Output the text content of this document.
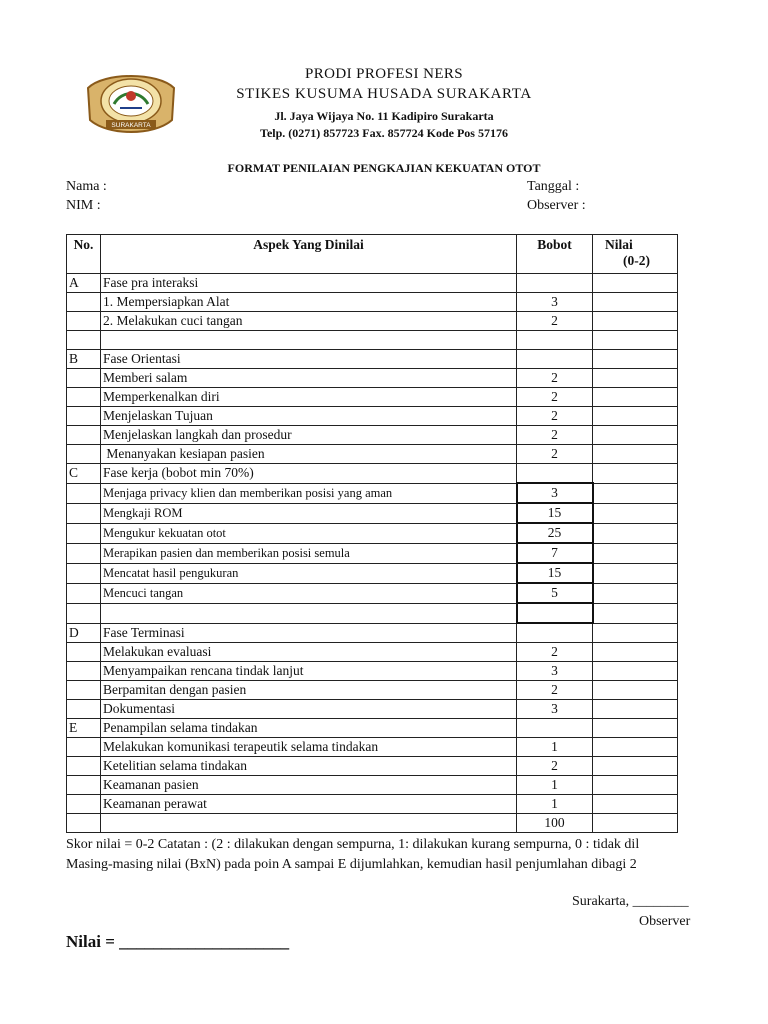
SURAKARTA
PRODI PROFESI NERS
STIKES KUSUMA HUSADA SURAKARTA
Jl. Jaya Wijaya No. 11 Kadipiro Surakarta
Telp. (0271) 857723 Fax. 857724 Kode Pos 57176
FORMAT PENILAIAN PENGKAJIAN KEKUATAN OTOT
Nama :
NIM :
Tanggal :
Observer :
No.	Aspek Yang Dinilai	Bobot	Nilai
(0-2)

A	Fase pra interaksi		
	1. Mempersiapkan Alat	3	
	2. Melakukan cuci tangan	2	

B	Fase Orientasi		
	Memberi salam	2	
	Memperkenalkan diri	2	
	Menjelaskan Tujuan	2	
	Menjelaskan langkah dan prosedur	2	
	Menanyakan kesiapan pasien	2	
C	Fase kerja (bobot min 70%)		
	Menjaga privacy klien dan memberikan posisi yang aman	3	
	Mengkaji ROM	15	
	Mengukur kekuatan otot	25	
	Merapikan pasien dan memberikan posisi semula	7	
	Mencatat hasil pengukuran	15	
	Mencuci tangan	5	

D	Fase Terminasi		
	Melakukan evaluasi	2	
	Menyampaikan rencana tindak lanjut	3	
	Berpamitan dengan pasien	2	
	Dokumentasi	3	
E	Penampilan selama tindakan		
	Melakukan komunikasi terapeutik selama tindakan	1	
	Ketelitian selama tindakan	2	
	Keamanan pasien	1	
	Keamanan perawat	1	
		100	
Skor nilai = 0-2 Catatan : (2 : dilakukan dengan sempurna, 1: dilakukan kurang sempurna, 0 : tidak dil
Masing-masing nilai (BxN) pada poin A sampai E dijumlahkan, kemudian hasil penjumlahan dibagi 2
Surakarta, ________
Observer
Nilai = ____________________
